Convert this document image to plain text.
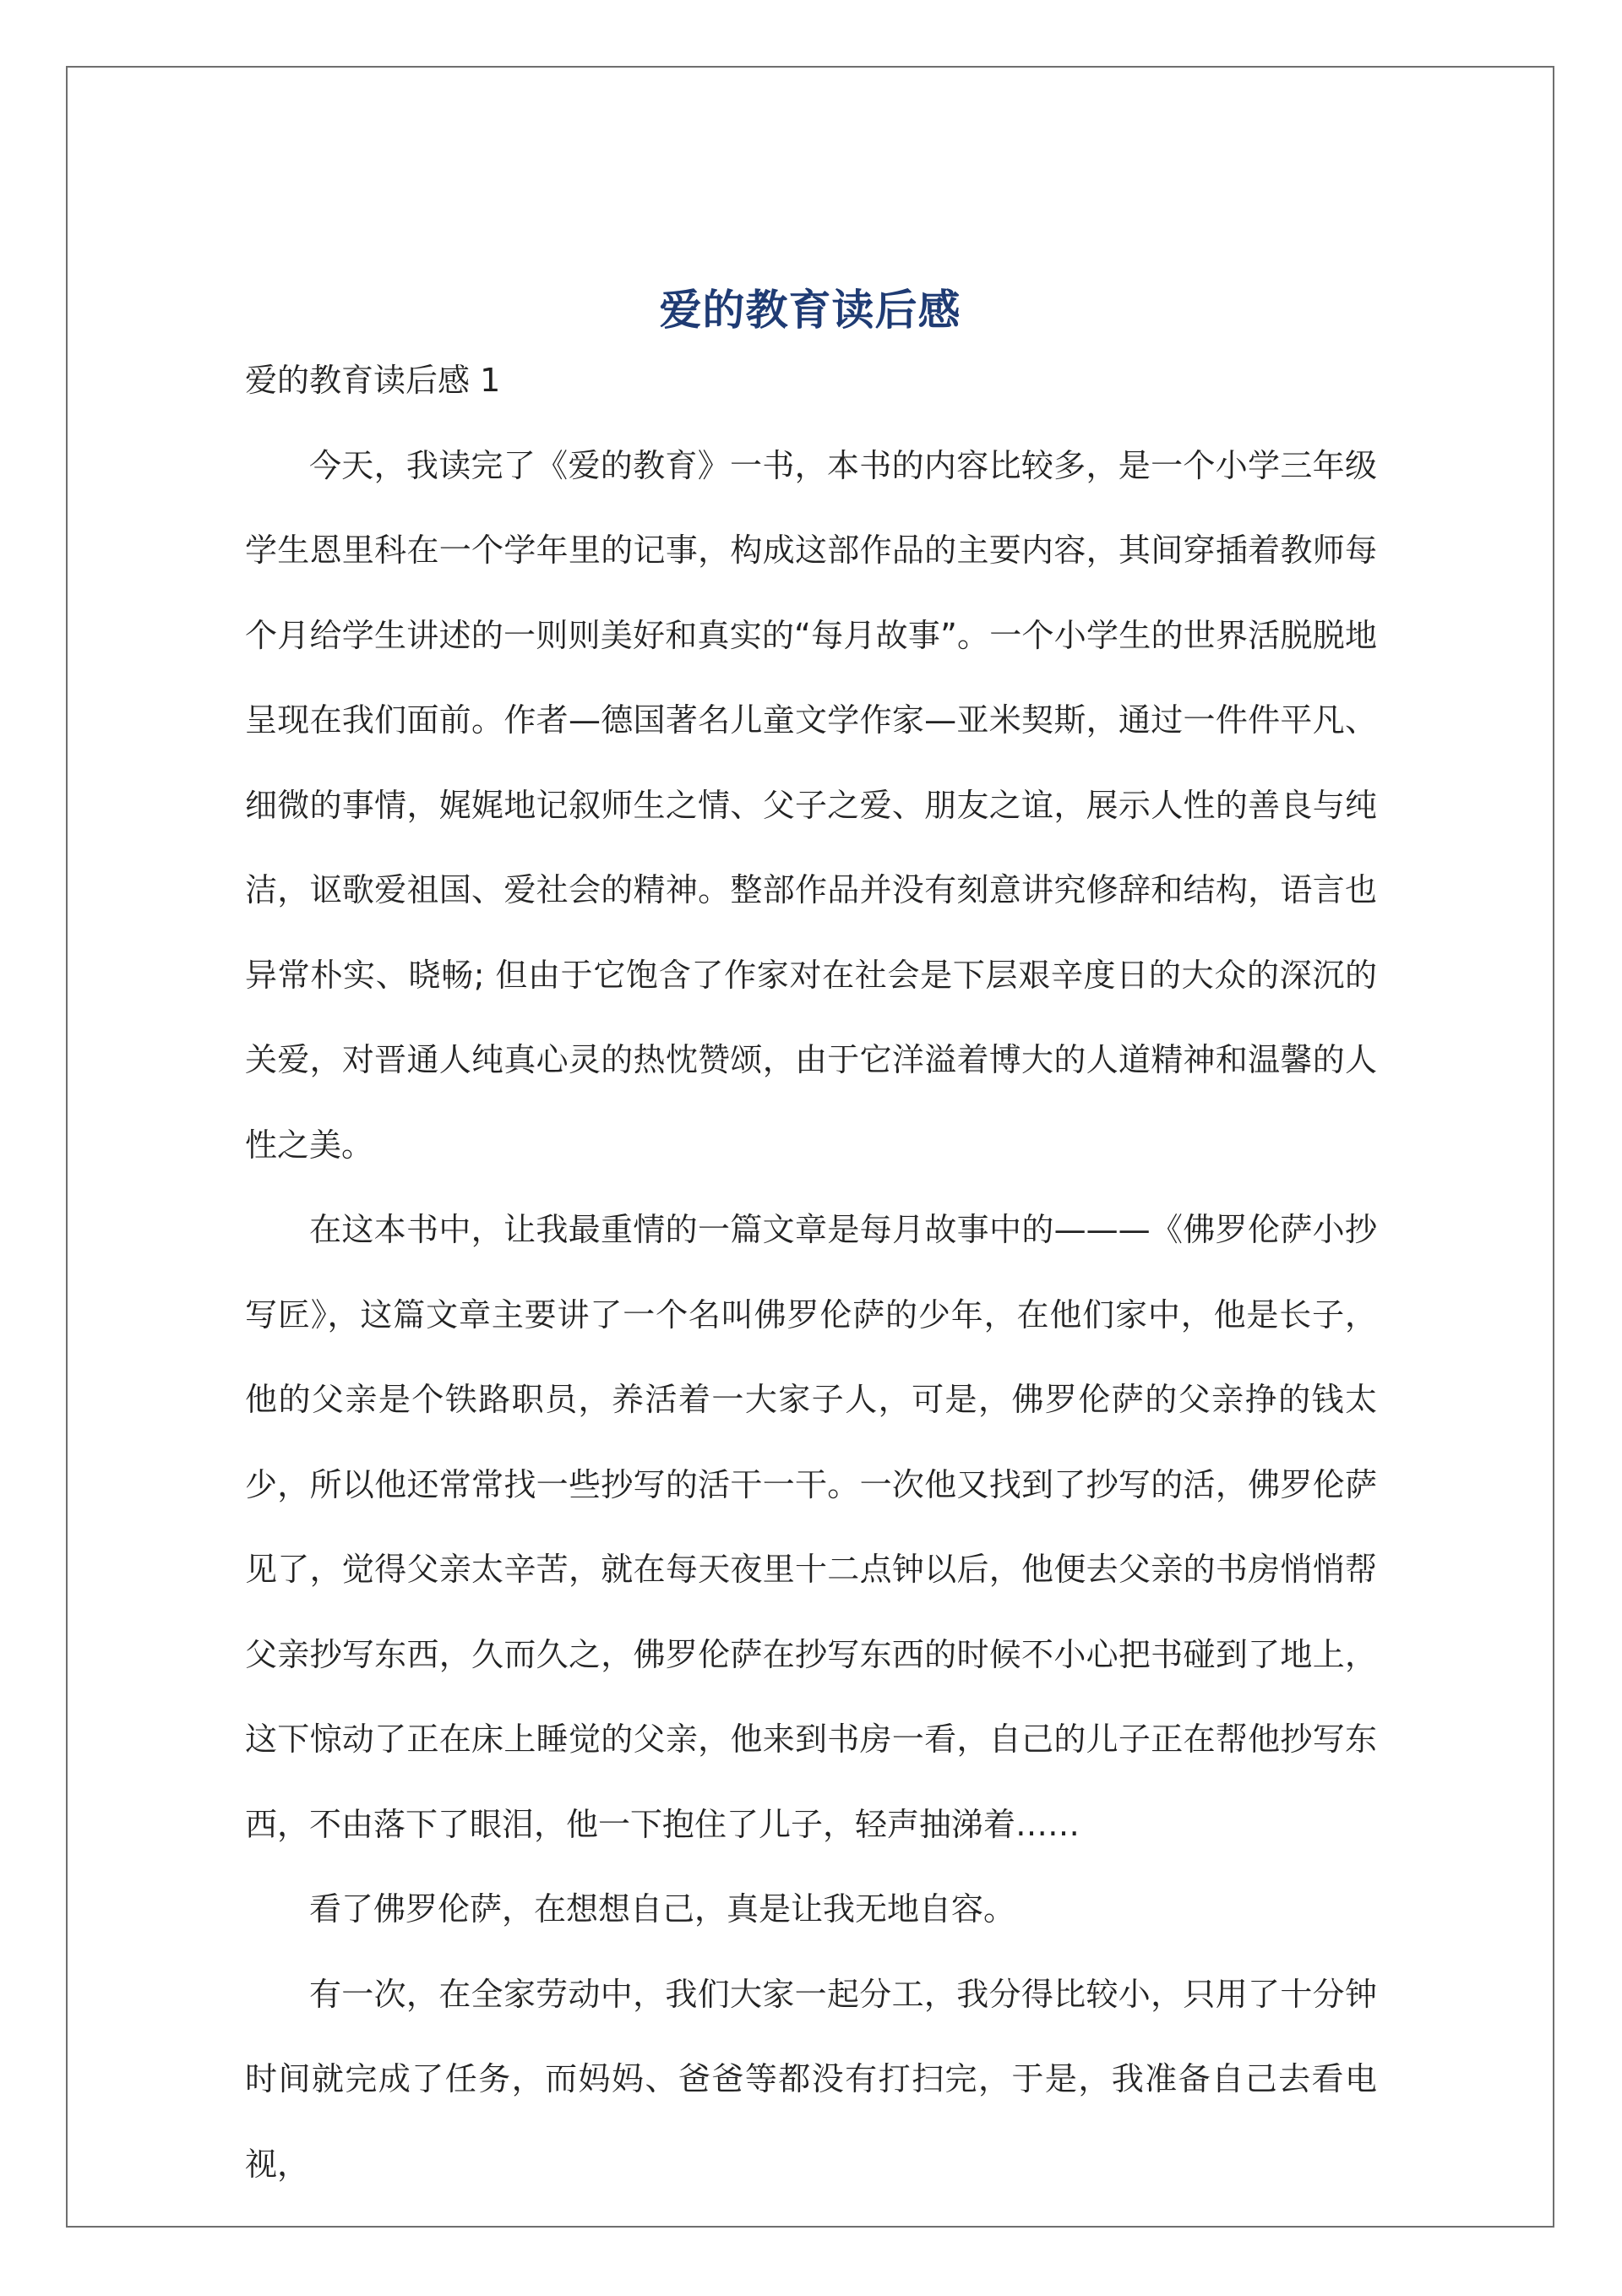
爱的教育读后感

爱的教育读后感 1

今天，我读完了《爱的教育》一书，本书的内容比较多，是一个小学三年级学生恩里科在一个学年里的记事，构成这部作品的主要内容，其间穿插着教师每个月给学生讲述的一则则美好和真实的“每月故事”。一个小学生的世界活脱脱地呈现在我们面前。作者—德国著名儿童文学作家—亚米契斯，通过一件件平凡、细微的事情，娓娓地记叙师生之情、父子之爱、朋友之谊，展示人性的善良与纯洁，讴歌爱祖国、爱社会的精神。整部作品并没有刻意讲究修辞和结构，语言也异常朴实、晓畅; 但由于它饱含了作家对在社会是下层艰辛度日的大众的深沉的关爱，对晋通人纯真心灵的热忱赞颂，由于它洋溢着博大的人道精神和温馨的人性之美。

在这本书中，让我最重情的一篇文章是每月故事中的———《佛罗伦萨小抄写匠》，这篇文章主要讲了一个名叫佛罗伦萨的少年，在他们家中，他是长子，他的父亲是个铁路职员，养活着一大家子人，可是，佛罗伦萨的父亲挣的钱太少，所以他还常常找一些抄写的活干一干。一次他又找到了抄写的活，佛罗伦萨见了，觉得父亲太辛苦，就在每天夜里十二点钟以后，他便去父亲的书房悄悄帮父亲抄写东西，久而久之，佛罗伦萨在抄写东西的时候不小心把书碰到了地上，这下惊动了正在床上睡觉的父亲，他来到书房一看，自己的儿子正在帮他抄写东西，不由落下了眼泪，他一下抱住了儿子，轻声抽涕着……

看了佛罗伦萨，在想想自己，真是让我无地自容。

有一次，在全家劳动中，我们大家一起分工，我分得比较小，只用了十分钟时间就完成了任务，而妈妈、爸爸等都没有打扫完，于是，我准备自己去看电视，
